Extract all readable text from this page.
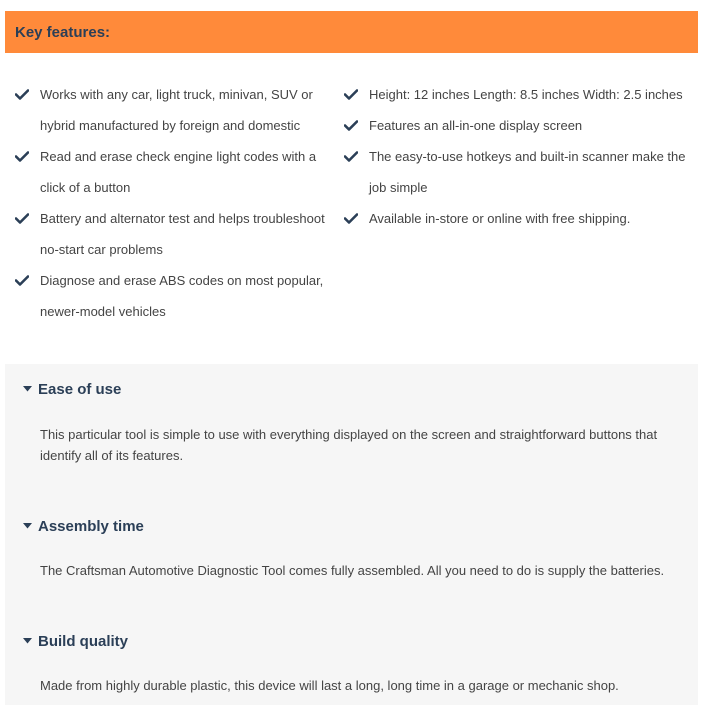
Key features:
Works with any car, light truck, minivan, SUV or hybrid manufactured by foreign and domestic
Read and erase check engine light codes with a click of a button
Battery and alternator test and helps troubleshoot no-start car problems
Diagnose and erase ABS codes on most popular, newer-model vehicles
Height: 12 inches Length: 8.5 inches Width: 2.5 inches
Features an all-in-one display screen
The easy-to-use hotkeys and built-in scanner make the job simple
Available in-store or online with free shipping.
Ease of use
This particular tool is simple to use with everything displayed on the screen and straightforward buttons that identify all of its features.
Assembly time
The Craftsman Automotive Diagnostic Tool comes fully assembled. All you need to do is supply the batteries.
Build quality
Made from highly durable plastic, this device will last a long, long time in a garage or mechanic shop.
